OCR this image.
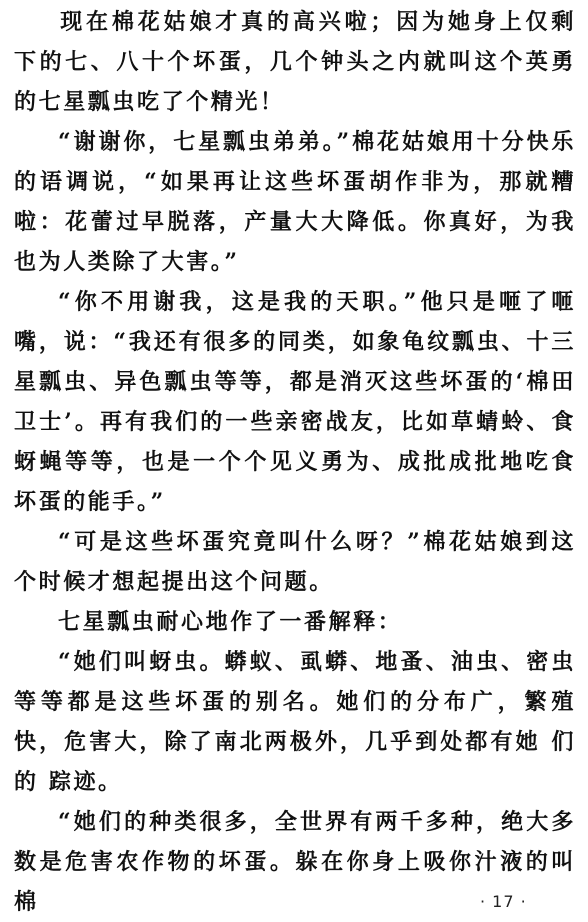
现在棉花姑娘才真的高兴啦；因为她身上仅剩下的七、八十个坏蛋，几个钟头之内就叫这个英勇的七星瓢虫吃了个精光！

“谢谢你，七星瓢虫弟弟。”棉花姑娘用十分快乐的语调说，“如果再让这些坏蛋胡作非为，那就糟啦：花蕾过早脱落，产量大大降低。你真好，为我也为人类除了大害。”

“你不用谢我，这是我的天职。”他只是咂了咂嘴，说：“我还有很多的同类，如象龟纹瓢虫、十三星瓢虫、异色瓢虫等等，都是消灭这些坏蛋的‘棉田卫士’。再有我们的一些亲密战友，比如草蜻蛉、食蚜蝇等等，也是一个个见义勇为、成批成批地吃食坏蛋的能手。”

“可是这些坏蛋究竟叫什么呀？”棉花姑娘到这个时候才想起提出这个问题。

七星瓢虫耐心地作了一番解释：

“她们叫蚜虫。蟒蚁、虱蟒、地蚤、油虫、密虫等等都是这些坏蛋的别名。她们的分布广，繁殖快，危害大，除了南北两极外，几乎到处都有她 们 的 踪迹。

“她们的种类很多，全世界有两千多种，绝大多数是危害农作物的坏蛋。躲在你身上吸你汁液的叫棉	· 17 ·
